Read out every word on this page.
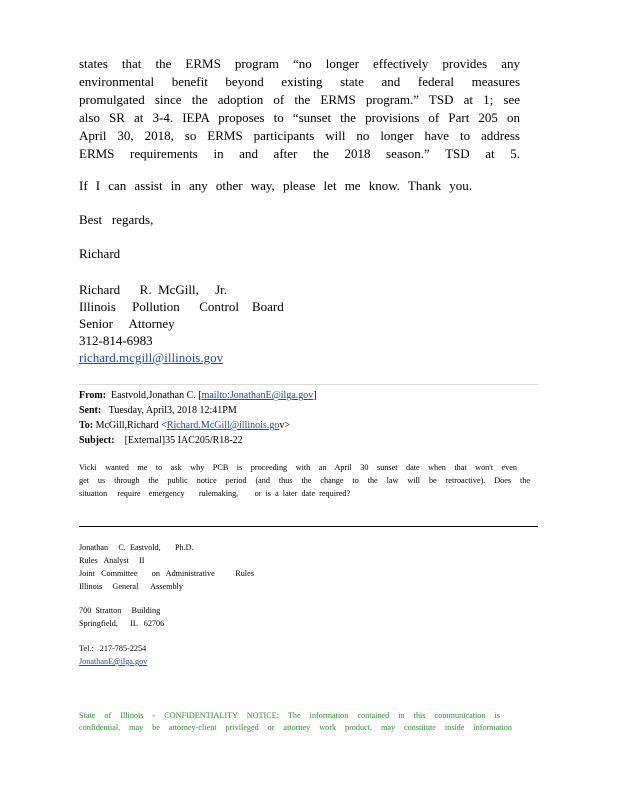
states that the ERMS program “no longer effectively provides any
environmental benefit beyond existing state and federal measures
promulgated since the adoption of the ERMS program.” TSD at 1; see
also SR at 3-4. IEPA proposes to “sunset the provisions of Part 205 on
April 30, 2018, so ERMS participants will no longer have to address
ERMS requirements in and after the 2018 season.” TSD at 5.
If I can assist in any other way, please let me know. Thank you.
Best   regards,
Richard
Richard      R.  McGill,     Jr.
Illinois     Pollution      Control    Board
Senior     Attorney
312-814-6983
richard.mcgill@illinois.gov
From: Eastvold,Jonathan C. [mailto:JonathanE@ilga.gov]
Sent: Tuesday, April3, 2018 12:41PM
To: McGill,Richard <Richard.McGill@illinois.gov>
Subject: [External]35 IAC205/R18-22
Vicki wanted me to ask why PCB is proceeding with an April 30 sunset date when that won't even
get us through the public notice period (and thus the change to the law will be retroactive). Does the
situation     require    emergency       rulemaking,        or  is  a  later  date  required?
Jonathan     C.  Eastvold,       Ph.D.
Rules   Analyst     II
Joint   Committee       on   Administrative          Rules
Illinois     General      Assembly
700  Stratton     Building
Springfield,      IL   62706
Tel.:   217-785-2254
JonathanE@ilga.gov
State of Illinois - CONFIDENTIALITY NOTICE: The information contained in this communication is
confidential, may be attorney-client privileged or attorney work product, may constitute inside information
